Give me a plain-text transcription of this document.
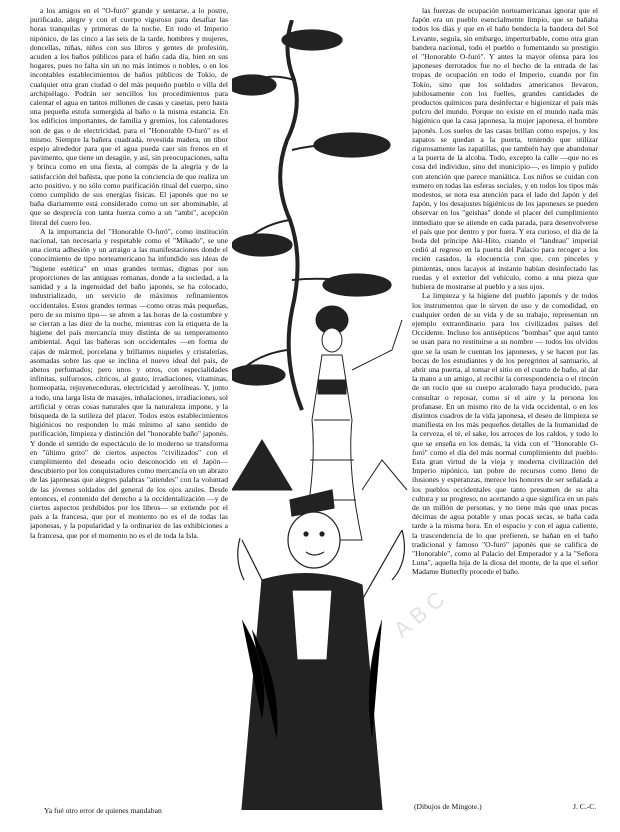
a los amigos en el "O-furó" grande y sentarse, a lo postre, purificado, alegre y con el cuerpo vigoroso para desafiar las horas tranquilas y primeras de la noche. En todo el Imperio nipónico, de las cinco a las seis de la tarde, hombres y mujeres, doncellas, niñas, niños con sus libros y gentes de profesión, acuden a los baños públicos para el baño cada día, bien en sus hogares, pues no falta sin un no más íntimos o nobles, o en los incontables establecimientos de baños públicos de Tokio, de cualquier otra gran ciudad o del más pequeño pueblo o villa del archipiélago. Podrán ser sencillos los procedimientos para calentar el agua en tantos millones de casas y casetas, pero hasta una pequeña estufa sumergida al baño o la misma estancia. En los edificios importantes, de familia y gremios, los calentadores son de gas o de electricidad, para el "Honorable O-furó" es el mismo. Siempre la bañera cuadrada, revestida madera, un tibor espejo alrededor para que el agua pueda caer sin frenos en el pavimento, que tiene un desagüe, y así, sin preocupaciones, salta y brinca como en una fiesta, al compás de la alegría y de la satisfacción del bañista, que pone la conciencia de que realiza un acto positivo, y no sólo como purificación ritual del cuerpo, sino como cumplido de sus energías físicas. El japonés que no se baña diariamente está considerado como un ser abominable, al que se desprecia con tanta fuerza como a un "ambi", acepción literal del cuero feo.

A la importancia del "Honorable O-furó", como institución nacional, tan necesaria y respetable como el "Mikado", se une una cierta adhesión y un arraigo a las manifestaciones donde el conocimiento de tipo norteamericano ha infundido sus ideas de "higiene estética" en unas grandes termas, dignas por sus proporciones de las antiguas romanas, donde a la sociedad, a la sanidad y a la ingenuidad del baño japonés, se ha colocado, industrializado, un servicio de máximos refinamientos occidentales. Estos grandes termas —como otras más pequeñas, pero de su mismo tipo— se abren a las horas de la costumbre y se cierran a las diez de la noche, mientras con la etiqueta de la higiene del país mercancía muy distinta de su temperamento ambiental. Aquí las bañeras son occidentales —en forma de cajas de mármol, porcelana y brillantes niqueles y cristalerías, asomadas sobre las que se inclina el nuevo ideal del país, de abetos perfumados; pero unos y otros, con especialidades infinitas, sulfurosos, cítricos, al gusto, irradiaciones, vitaminas, homeopatía, rejuvenecedoras, electricidad y aerolíneas. Y, junto a todo, una larga lista de masajes, inhalaciones, irradiaciones, sol artificial y otras cosas naturales que la naturaleza impone, y la búsqueda de la sutileza del placer. Todos estos establecimientos higiénicos no responden lo más mínimo al sano sentido de purificación, limpieza y distinción del "honorable baño" japonés. Y donde el sentido de espectáculo de lo moderno se transforma en "último grito" de ciertos aspectos "civilizados" con el cumplimiento del deseado ocio desconocido en el Japón— descubierto por los conquistadores como mercancía en un abrazo de las japonesas que alegres palabras "atiendes" con la voluntad de las jóvenes soldados del general de los ojos azules. Desde entonces, el contenido del derecho a la occidentalización —y de ciertos aspectos prohibidos por los libros— se extiende por el país a la francesa, que por el momento no es el de todas las japonesas, y la popularidad y la ordinariez de las exhibiciones a la francesa, que por el momento no es el de toda la Isla.

Ya fué otro error de quienes mandaban

las fuerzas de ocupación norteamericanas ignorar que el Japón era un pueblo esencialmente limpio, que se bañaba todos los días y que en el baño bendecía la bandera del Sol Levante, seguía, sin embargo, imperturbable, como otra gran bandera nacional, todo el pueblo o fomentando su prestigio el "Honorable O-furó". Y antes la mayor ofensa para los japoneses derrotados fue no el hecho de la entrada de las tropas de ocupación en todo el Imperio, cuando por fin Tokio, sino que los soldados americanos llevaron, jubilosamente con los fuelles, grandes cantidades de productos químicos para desinfectar e higienizar el país más pulcro del mundo. Porque no existe en el mundo nada más higiénico que la casa japonesa, la mujer japonesa, el hombre japonés. Los suelos de las casas brillan como espejos, y los zapatos se quedan a la puerta, teniendo que utilizar rigurosamente las zapatillas, que también hay que abandonar a la puerta de la alcoba. Todo, excepto la calle —que no es cosa del individuo, sino del municipio—, es limpio y pulido con atención que parece maniática. Los niños se cuidan con esmero en todas las esferas sociales, y en todos los tipos más modestos, se nota esa atención para el lado del Japón y del Japón, y los desajustes higiénicos de los japoneses se pueden observar en los "geishas" donde el placer del cumplimiento inmediato que se atiende en cada parada, para desenvolverse el país que por dentro y por fuera. Y era curioso, el día de la boda del príncipe Aki-Hito, cuando el "landeau" imperial cedió al regreso en la puerta del Palacio para recoger a los recién casados, la elocuencia con que, con pinceles y pimientas, unos lacayos al instante habían desinfectado las ruedas y el exterior del vehículo, como a una pieza que hubiera de mostrarse al pueblo y a sus ojos.

La limpieza y la higiene del pueblo japonés y de todos los instrumentos que le sirven de uso y de comodidad, en cualquier orden de su vida y de su trabajo, representan un ejemplo extraordinario para los civilizados países del Occidente. Incluso los antisépticos "bombas" que aquí tanto se usan para no restituirse a su nombre — todos los olvidos que se la usan le cuentan los japoneses, y se hacen por las bocas de los estudiantes y de los peregrinos al santuario, al abrir una puerta, al tomar el sitio en el cuarto de baño, al dar la mano a un amigo, al recibir la correspondencia o el rincón de un rocío que su cuerpo acalorado haya producido, para consultar o reposar, como si el aire y la persona los profanase. En un mismo rito de la vida occidental, o en los distintos cuadros de la vida japonesa, el deseo de limpieza se manifiesta en los más pequeños detalles de la humanidad de la cerveza, el té, el sake, los arroces de los caldos, y todo lo que se enseña en los demás, la vida con el "Honorable O-furó" como el día del más normal cumplimiento del pueblo. Esta gran virtud de la vieja y moderna civilización del Imperio nipónico, tan pobre de recursos como lleno de ilusiones y esperanzas, merece los honores de ser señalada a los pueblos occidentales que tanto presumen de su alta cultura y su progreso, no acertando a que significa en un país de un millón de personas, y no tiene más que unas pocas décimas de agua potable y unas pocas secas, se baña cada tarde a la misma hora. En el espacio y con el agua caliente, la trascendencia de lo que prefieren, se bañan en el baño tradicional y famoso "O-furó" japonés que se califica de "Honorable", como al Palacio del Emperador y a la "Señora Luna", aquella hija de la diosa del monte, de la que el señor Madame Butterfly procede el baño.

(Dibujos de Mingote.)	J. C.-C.
ABC
